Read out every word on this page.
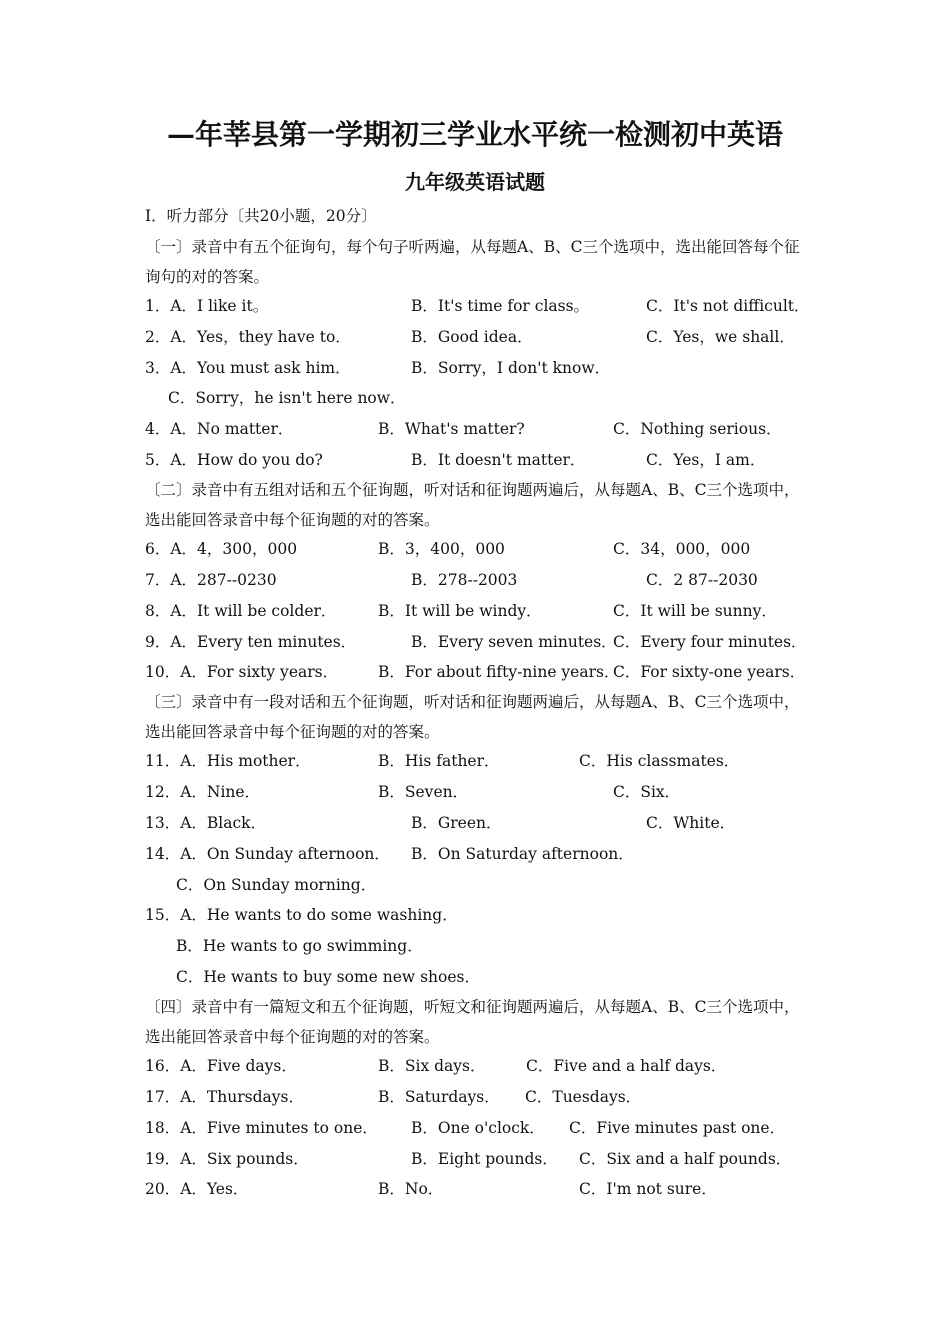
—年莘县第一学期初三学业水平统一检测初中英语
九年级英语试题
Ⅰ．听力部分〔共20小题，20分〕
〔一〕录音中有五个征询句，每个句子听两遍，从每题A、B、C三个选项中，选出能回答每个征询句的对的答案。
1．A．I like it。	B．It's time for class。	C．It's not difficult．
2．A．Yes，they have to．	B．Good idea．	C．Yes，we shall．
3．A．You must ask him．	B．Sorry，I don't know．
C．Sorry，he isn't here now．
4．A．No matter．	B．What's matter?	C．Nothing serious．
5．A．How do you do?	B．It doesn't matter．	C．Yes，I am．
〔二〕录音中有五组对话和五个征询题，听对话和征询题两遍后，从每题A、B、C三个选项中，选出能回答录音中每个征询题的对的答案。
6．A．4，300，000	B．3，400，000	C．34，000，000
7．A．287--0230	B．278--2003	C．2 87--2030
8．A．It will be colder．	B．It will be windy．	C．It will be sunny．
9．A．Every ten minutes．	B．Every seven minutes．
C．Every four minutes．
10．A．For sixty years．	B．For about fifty-nine years．
C．For sixty-one years．
〔三〕录音中有一段对话和五个征询题，听对话和征询题两遍后，从每题A、B、C三个选项中，选出能回答录音中每个征询题的对的答案。
11．A．His mother．	B．His father．	C．His classmates．
12．A．Nine．	B．Seven．	C．Six．
13．A．Black．	B．Green．	C．White．
14．A．On Sunday afternoon． B．On Saturday afternoon．
C．On Sunday morning．
15．A．He wants to do some washing．
B．He wants to go swimming．
C．He wants to buy some new shoes．
〔四〕录音中有一篇短文和五个征询题，听短文和征询题两遍后，从每题A、B、C三个选项中，选出能回答录音中每个征询题的对的答案。
16．A．Five days．	B．Six days．	C．Five and a half days．
17．A．Thursdays．	B．Saturdays． C．Tuesdays．
18．A．Five minutes to one． B．One o'clock． C．Five minutes past one．
19．A．Six pounds．	B．Eight pounds． C．Six and a half pounds．
20．A．Yes．	B．No．	C．I'm not sure．
